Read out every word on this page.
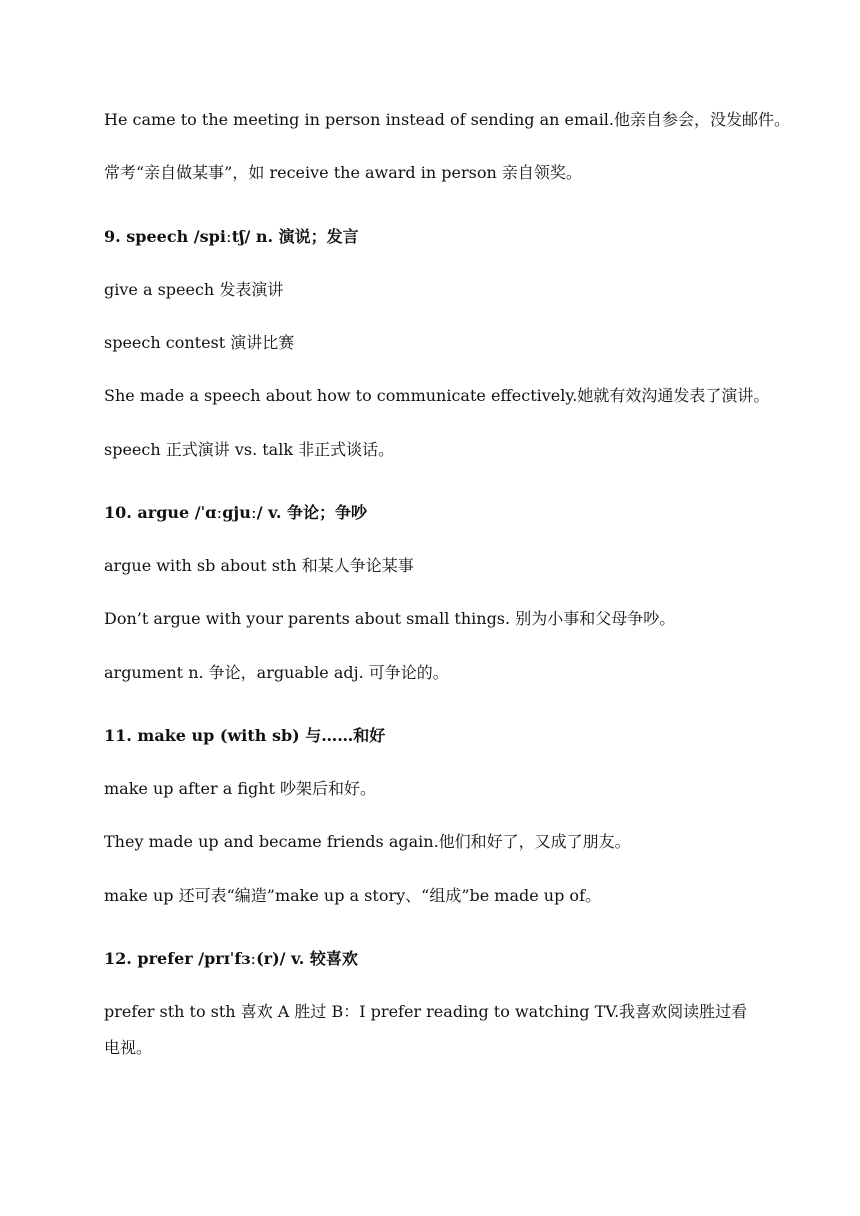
He came to the meeting in person instead of sending an email.他亲自参会，没发邮件。
常考“亲自做某事”，如 receive the award in person 亲自领奖。
9. speech /spiːtʃ/ n. 演说；发言
give a speech 发表演讲
speech contest 演讲比赛
She made a speech about how to communicate effectively.她就有效沟通发表了演讲。
speech 正式演讲 vs. talk 非正式谈话。
10. argue /ˈɑːgjuː/ v. 争论；争吵
argue with sb about sth 和某人争论某事
Don’t argue with your parents about small things. 别为小事和父母争吵。
argument n. 争论，arguable adj. 可争论的。
11. make up (with sb) 与……和好
make up after a fight 吵架后和好。
They made up and became friends again.他们和好了，又成了朋友。
make up 还可表“编造”make up a story、“组成”be made up of。
12. prefer /prɪˈfɜː(r)/ v. 较喜欢
prefer sth to sth 喜欢 A 胜过 B：I prefer reading to watching TV.我喜欢阅读胜过看电视。
